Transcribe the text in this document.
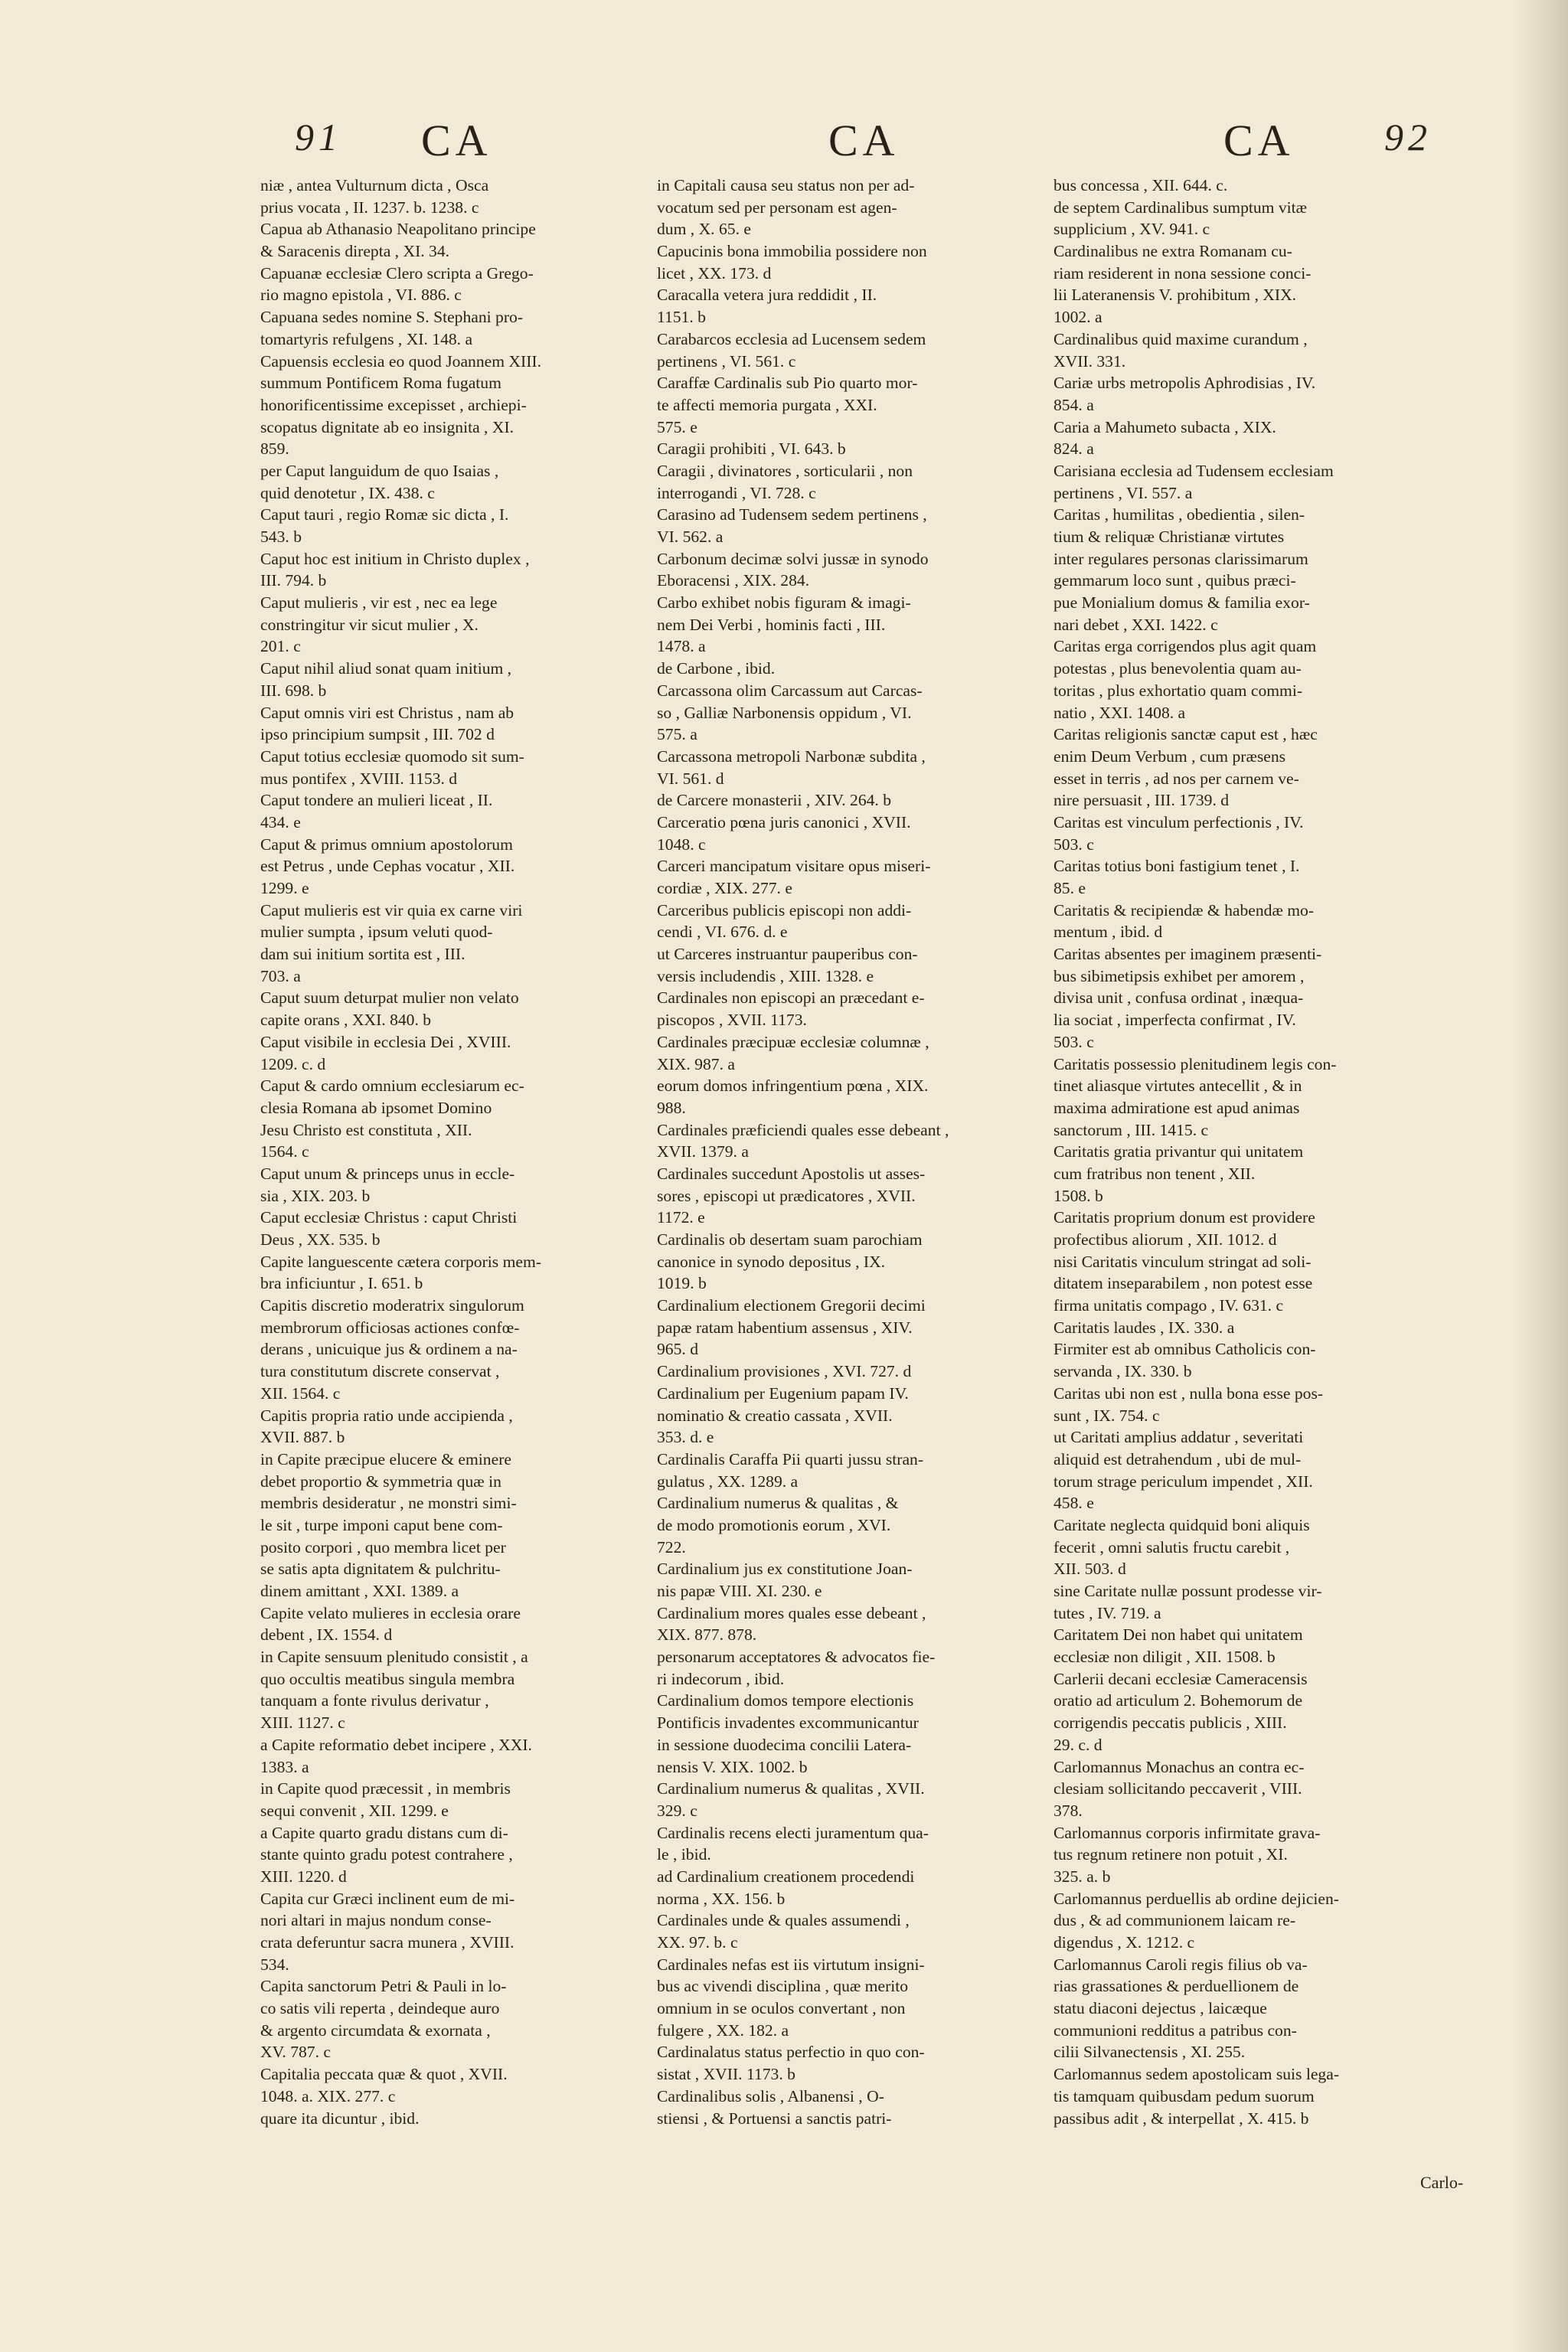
91 CA	CA	CA 92
niæ , antea Vulturnum dicta , Osca
prius vocata , II. 1237. b. 1238. c
Capua ab Athanasio Neapolitano principe
& Saracenis direpta , XI. 34.
Capuanæ ecclesiæ Clero scripta a Grego-
rio magno epistola , VI. 886. c
Capuana sedes nomine S. Stephani pro-
tomartyris refulgens , XI. 148. a
Capuensis ecclesia eo quod Joannem XIII.
summum Pontificem Roma fugatum
honorificentissime excepisset , archiepi-
scopatus dignitate ab eo insignita , XI.
859.
per Caput languidum de quo Isaias ,
quid denotetur , IX. 438. c
Caput tauri , regio Romæ sic dicta , I.
543. b
Caput hoc est initium in Christo duplex ,
III. 794. b
Caput mulieris , vir est , nec ea lege
constringitur vir sicut mulier , X.
201. c
Caput nihil aliud sonat quam initium ,
III. 698. b
Caput omnis viri est Christus , nam ab
ipso principium sumpsit , III. 702 d
Caput totius ecclesiæ quomodo sit sum-
mus pontifex , XVIII. 1153. d
Caput tondere an mulieri liceat , II.
434. e
Caput & primus omnium apostolorum
est Petrus , unde Cephas vocatur , XII.
1299. e
Caput mulieris est vir quia ex carne viri
mulier sumpta , ipsum veluti quod-
dam sui initium sortita est , III.
703. a
Caput suum deturpat mulier non velato
capite orans , XXI. 840. b
Caput visibile in ecclesia Dei , XVIII.
1209. c. d
Caput & cardo omnium ecclesiarum ec-
clesia Romana ab ipsomet Domino
Jesu Christo est constituta , XII.
1564. c
Caput unum & princeps unus in eccle-
sia , XIX. 203. b
Caput ecclesiæ Christus : caput Christi
Deus , XX. 535. b
Capite languescente cætera corporis mem-
bra inficiuntur , I. 651. b
Capitis discretio moderatrix singulorum
membrorum officiosas actiones confœ-
derans , unicuique jus & ordinem a na-
tura constitutum discrete conservat ,
XII. 1564. c
Capitis propria ratio unde accipienda ,
XVII. 887. b
in Capite præcipue elucere & eminere
debet proportio & symmetria quæ in
membris desideratur , ne monstri simi-
le sit , turpe imponi caput bene com-
posito corpori , quo membra licet per
se satis apta dignitatem & pulchritu-
dinem amittant , XXI. 1389. a
Capite velato mulieres in ecclesia orare
debent , IX. 1554. d
in Capite sensuum plenitudo consistit , a
quo occultis meatibus singula membra
tanquam a fonte rivulus derivatur ,
XIII. 1127. c
a Capite reformatio debet incipere , XXI.
1383. a
in Capite quod præcessit , in membris
sequi convenit , XII. 1299. e
a Capite quarto gradu distans cum di-
stante quinto gradu potest contrahere ,
XIII. 1220. d
Capita cur Græci inclinent eum de mi-
nori altari in majus nondum conse-
crata deferuntur sacra munera , XVIII.
534.
Capita sanctorum Petri & Pauli in lo-
co satis vili reperta , deindeque auro
& argento circumdata & exornata ,
XV. 787. c
Capitalia peccata quæ & quot , XVII.
1048. a. XIX. 277. c
quare ita dicuntur , ibid.
in Capitali causa seu status non per ad-
vocatum sed per personam est agen-
dum , X. 65. e
Capucinis bona immobilia possidere non
licet , XX. 173. d
Caracalla vetera jura reddidit , II.
1151. b
Carabarcos ecclesia ad Lucensem sedem
pertinens , VI. 561. c
Caraffæ Cardinalis sub Pio quarto mor-
te affecti memoria purgata , XXI.
575. e
Caragii prohibiti , VI. 643. b
Caragii , divinatores , sorticularii , non
interrogandi , VI. 728. c
Carasino ad Tudensem sedem pertinens ,
VI. 562. a
Carbonum decimæ solvi jussæ in synodo
Eboracensi , XIX. 284.
Carbo exhibet nobis figuram & imagi-
nem Dei Verbi , hominis facti , III.
1478. a
de Carbone , ibid.
Carcassona olim Carcassum aut Carcas-
so , Galliæ Narbonensis oppidum , VI.
575. a
Carcassona metropoli Narbonæ subdita ,
VI. 561. d
de Carcere monasterii , XIV. 264. b
Carceratio pœna juris canonici , XVII.
1048. c
Carceri mancipatum visitare opus miseri-
cordiæ , XIX. 277. e
Carceribus publicis episcopi non addi-
cendi , VI. 676. d. e
ut Carceres instruantur pauperibus con-
versis includendis , XIII. 1328. e
Cardinales non episcopi an præcedant e-
piscopos , XVII. 1173.
Cardinales præcipuæ ecclesiæ columnæ ,
XIX. 987. a
eorum domos infringentium pœna , XIX.
988.
Cardinales præficiendi quales esse debeant ,
XVII. 1379. a
Cardinales succedunt Apostolis ut asses-
sores , episcopi ut prædicatores , XVII.
1172. e
Cardinalis ob desertam suam parochiam
canonice in synodo depositus , IX.
1019. b
Cardinalium electionem Gregorii decimi
papæ ratam habentium assensus , XIV.
965. d
Cardinalium provisiones , XVI. 727. d
Cardinalium per Eugenium papam IV.
nominatio & creatio cassata , XVII.
353. d. e
Cardinalis Caraffa Pii quarti jussu stran-
gulatus , XX. 1289. a
Cardinalium numerus & qualitas , &
de modo promotionis eorum , XVI.
722.
Cardinalium jus ex constitutione Joan-
nis papæ VIII. XI. 230. e
Cardinalium mores quales esse debeant ,
XIX. 877. 878.
personarum acceptatores & advocatos fie-
ri indecorum , ibid.
Cardinalium domos tempore electionis
Pontificis invadentes excommunicantur
in sessione duodecima concilii Latera-
nensis V. XIX. 1002. b
Cardinalium numerus & qualitas , XVII.
329. c
Cardinalis recens electi juramentum qua-
le , ibid.
ad Cardinalium creationem procedendi
norma , XX. 156. b
Cardinales unde & quales assumendi ,
XX. 97. b. c
Cardinales nefas est iis virtutum insigni-
bus ac vivendi disciplina , quæ merito
omnium in se oculos convertant , non
fulgere , XX. 182. a
Cardinalatus status perfectio in quo con-
sistat , XVII. 1173. b
Cardinalibus solis , Albanensi , O-
stiensi , & Portuensi a sanctis patri-
bus concessa , XII. 644. c.
de septem Cardinalibus sumptum vitæ
supplicium , XV. 941. c
Cardinalibus ne extra Romanam cu-
riam residerent in nona sessione conci-
lii Lateranensis V. prohibitum , XIX.
1002. a
Cardinalibus quid maxime curandum ,
XVII. 331.
Cariæ urbs metropolis Aphrodisias , IV.
854. a
Caria a Mahumeto subacta , XIX.
824. a
Carisiana ecclesia ad Tudensem ecclesiam
pertinens , VI. 557. a
Caritas , humilitas , obedientia , silen-
tium & reliquæ Christianæ virtutes
inter regulares personas clarissimarum
gemmarum loco sunt , quibus præci-
pue Monialium domus & familia exor-
nari debet , XXI. 1422. c
Caritas erga corrigendos plus agit quam
potestas , plus benevolentia quam au-
toritas , plus exhortatio quam commi-
natio , XXI. 1408. a
Caritas religionis sanctæ caput est , hæc
enim Deum Verbum , cum præsens
esset in terris , ad nos per carnem ve-
nire persuasit , III. 1739. d
Caritas est vinculum perfectionis , IV.
503. c
Caritas totius boni fastigium tenet , I.
85. e
Caritatis & recipiendæ & habendæ mo-
mentum , ibid. d
Caritas absentes per imaginem præsenti-
bus sibimetipsis exhibet per amorem ,
divisa unit , confusa ordinat , inæqua-
lia sociat , imperfecta confirmat , IV.
503. c
Caritatis possessio plenitudinem legis con-
tinet aliasque virtutes antecellit , & in
maxima admiratione est apud animas
sanctorum , III. 1415. c
Caritatis gratia privantur qui unitatem
cum fratribus non tenent , XII.
1508. b
Caritatis proprium donum est providere
profectibus aliorum , XII. 1012. d
nisi Caritatis vinculum stringat ad soli-
ditatem inseparabilem , non potest esse
firma unitatis compago , IV. 631. c
Caritatis laudes , IX. 330. a
Firmiter est ab omnibus Catholicis con-
servanda , IX. 330. b
Caritas ubi non est , nulla bona esse pos-
sunt , IX. 754. c
ut Caritati amplius addatur , severitati
aliquid est detrahendum , ubi de mul-
torum strage periculum impendet , XII.
458. e
Caritate neglecta quidquid boni aliquis
fecerit , omni salutis fructu carebit ,
XII. 503. d
sine Caritate nullæ possunt prodesse vir-
tutes , IV. 719. a
Caritatem Dei non habet qui unitatem
ecclesiæ non diligit , XII. 1508. b
Carlerii decani ecclesiæ Cameracensis
oratio ad articulum 2. Bohemorum de
corrigendis peccatis publicis , XIII.
29. c. d
Carlomannus Monachus an contra ec-
clesiam sollicitando peccaverit , VIII.
378.
Carlomannus corporis infirmitate grava-
tus regnum retinere non potuit , XI.
325. a. b
Carlomannus perduellis ab ordine dejicien-
dus , & ad communionem laicam re-
digendus , X. 1212. c
Carlomannus Caroli regis filius ob va-
rias grassationes & perduellionem de
statu diaconi dejectus , laicæque
communioni redditus a patribus con-
cilii Silvanectensis , XI. 255.
Carlomannus sedem apostolicam suis lega-
tis tamquam quibusdam pedum suorum
passibus adit , & interpellat , X. 415. b
Carlo-
